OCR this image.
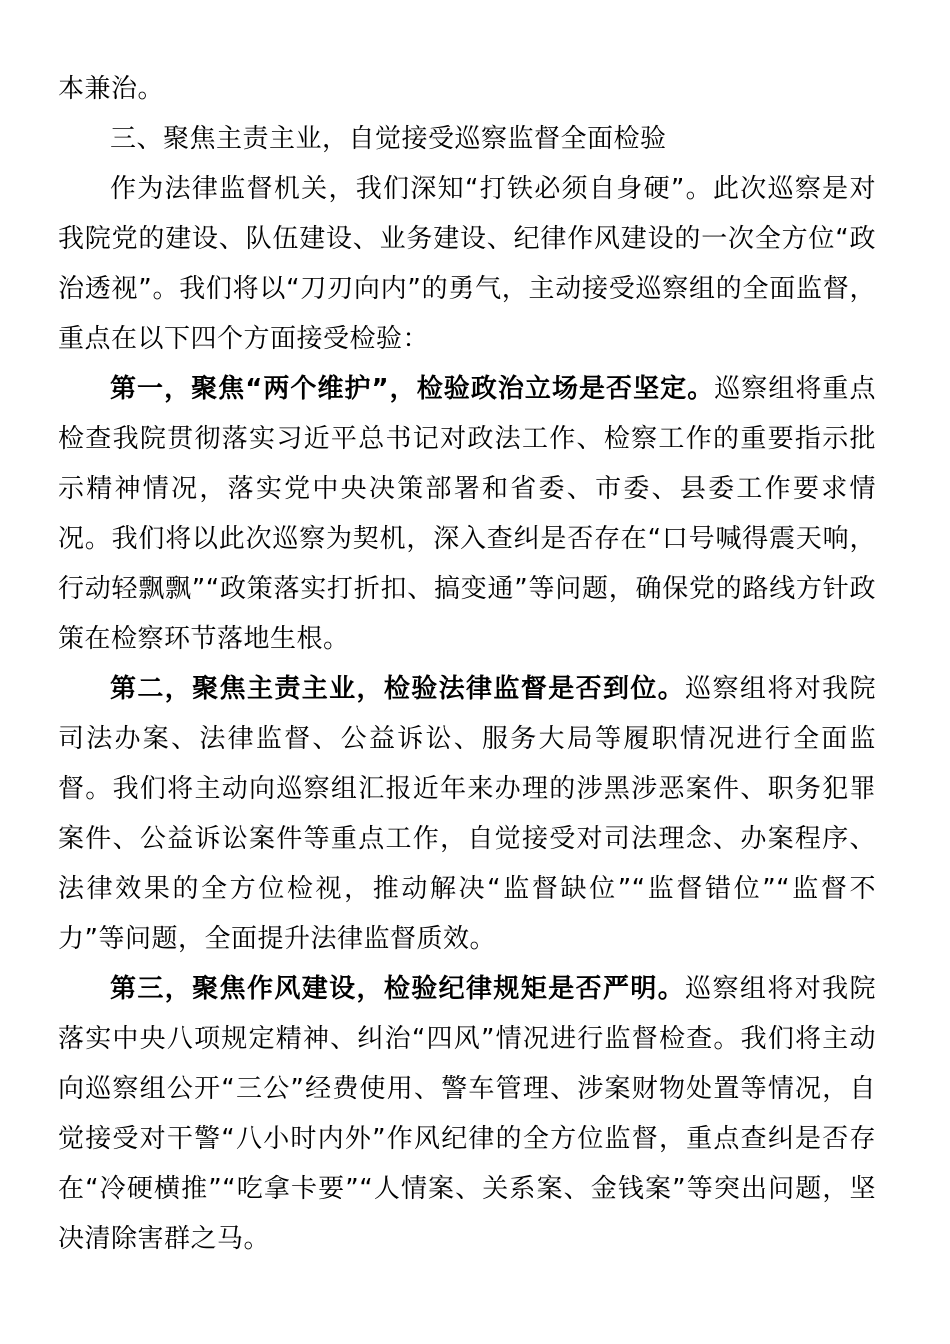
本兼治。

三、聚焦主责主业，自觉接受巡察监督全面检验

作为法律监督机关，我们深知“打铁必须自身硬”。此次巡察是对我院党的建设、队伍建设、业务建设、纪律作风建设的一次全方位“政治透视”。我们将以“刀刃向内”的勇气，主动接受巡察组的全面监督，重点在以下四个方面接受检验：

第一，聚焦“两个维护”，检验政治立场是否坚定。巡察组将重点检查我院贯彻落实习近平总书记对政法工作、检察工作的重要指示批示精神情况，落实党中央决策部署和省委、市委、县委工作要求情况。我们将以此次巡察为契机，深入查纠是否存在“口号喊得震天响，行动轻飘飘”“政策落实打折扣、搞变通”等问题，确保党的路线方针政策在检察环节落地生根。

第二，聚焦主责主业，检验法律监督是否到位。巡察组将对我院司法办案、法律监督、公益诉讼、服务大局等履职情况进行全面监督。我们将主动向巡察组汇报近年来办理的涉黑涉恶案件、职务犯罪案件、公益诉讼案件等重点工作，自觉接受对司法理念、办案程序、法律效果的全方位检视，推动解决“监督缺位”“监督错位”“监督不力”等问题，全面提升法律监督质效。

第三，聚焦作风建设，检验纪律规矩是否严明。巡察组将对我院落实中央八项规定精神、纠治“四风”情况进行监督检查。我们将主动向巡察组公开“三公”经费使用、警车管理、涉案财物处置等情况，自觉接受对干警“八小时内外”作风纪律的全方位监督，重点查纠是否存在“冷硬横推”“吃拿卡要”“人情案、关系案、金钱案”等突出问题，坚决清除害群之马。
